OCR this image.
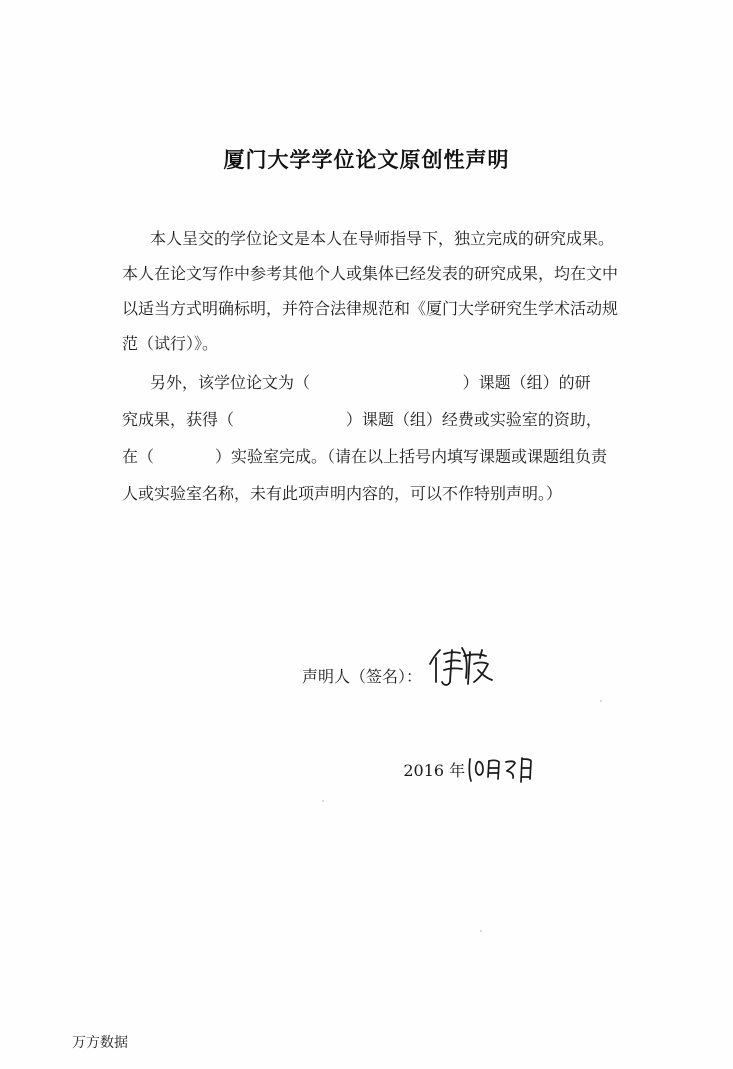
厦门大学学位论文原创性声明
本人呈交的学位论文是本人在导师指导下，独立完成的研究成果。
本人在论文写作中参考其他个人或集体已经发表的研究成果，均在文中
以适当方式明确标明，并符合法律规范和《厦门大学研究生学术活动规
范（试行）》。
另外，该学位论文为（                              ）课题（组）的研
究成果，获得（                      ）课题（组）经费或实验室的资助，
在（            ）实验室完成。（请在以上括号内填写课题或课题组负责
人或实验室名称，未有此项声明内容的，可以不作特别声明。）
声明人（签名）：

2016 年

万方数据
